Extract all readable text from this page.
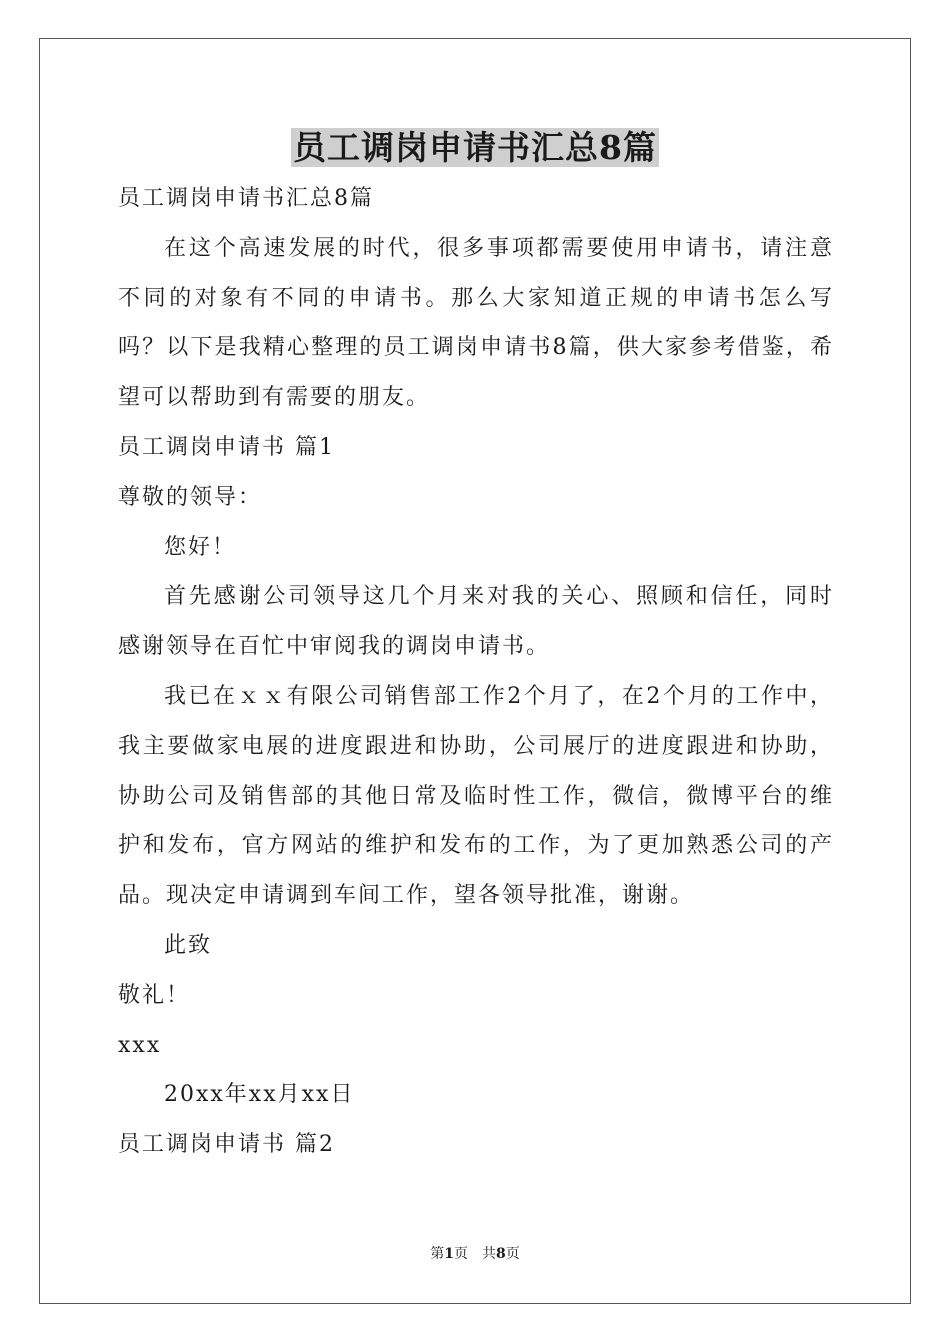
员工调岗申请书汇总8篇

员工调岗申请书汇总8篇

在这个高速发展的时代，很多事项都需要使用申请书，请注意不同的对象有不同的申请书。那么大家知道正规的申请书怎么写吗？以下是我精心整理的员工调岗申请书8篇，供大家参考借鉴，希望可以帮助到有需要的朋友。

员工调岗申请书 篇1

尊敬的领导：

您好！

首先感谢公司领导这几个月来对我的关心、照顾和信任，同时感谢领导在百忙中审阅我的调岗申请书。

我已在ｘｘ有限公司销售部工作2个月了，在2个月的工作中，我主要做家电展的进度跟进和协助，公司展厅的进度跟进和协助，协助公司及销售部的其他日常及临时性工作，微信，微博平台的维护和发布，官方网站的维护和发布的工作，为了更加熟悉公司的产品。现决定申请调到车间工作，望各领导批准，谢谢。

此致

敬礼！

xxx

20xx年xx月xx日

员工调岗申请书 篇2

第1页 共8页
